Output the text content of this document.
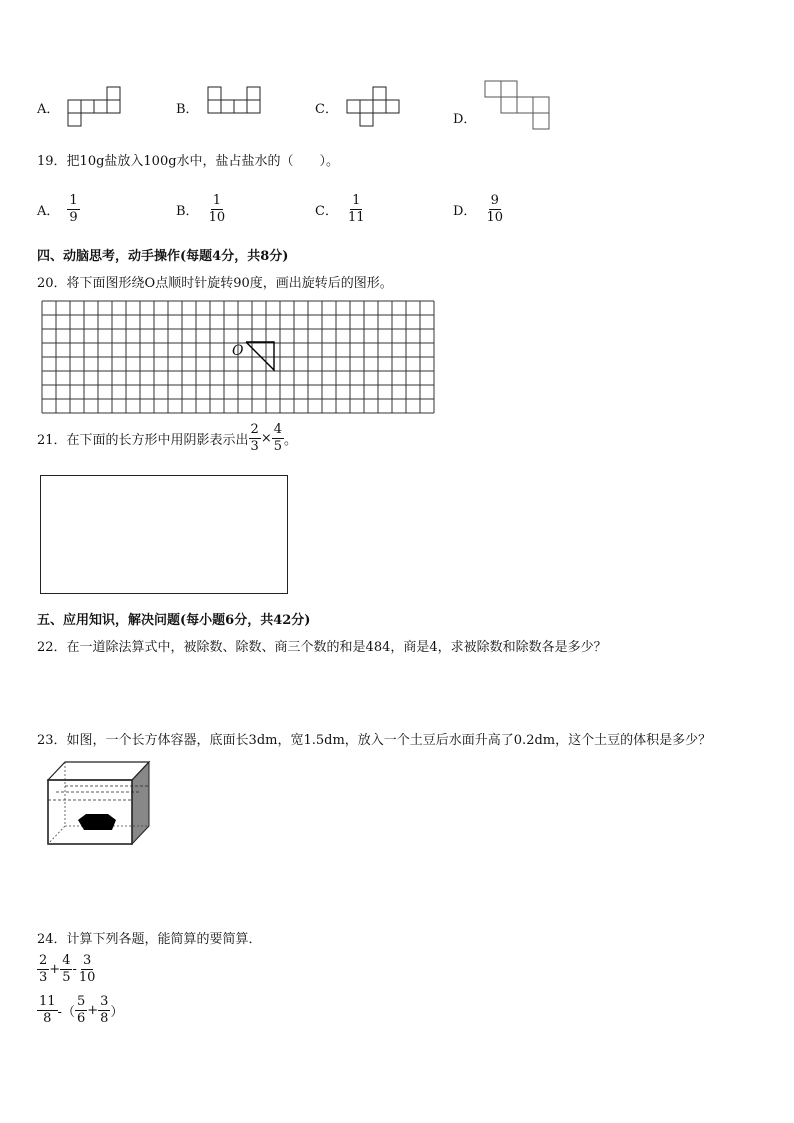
A．	B．	C．
D．
19．把10g盐放入100g水中，盐占盐水的（　　）。
A． $\frac{1}{9}$	B． $\frac{1}{10}$	C． $\frac{1}{11}$	D． $\frac{9}{10}$
四、动脑思考，动手操作(每题4分，共8分)
20．将下面图形绕O点顺时针旋转90度，画出旋转后的图形。
O
21．在下面的长方形中用阴影表示出 $\frac{2}{3} \times \frac{4}{5}$ 。
五、应用知识，解决问题(每小题6分，共42分)
22．在一道除法算式中，被除数、除数、商三个数的和是484，商是4，求被除数和除数各是多少？
23．如图，一个长方体容器，底面长3dm，宽1.5dm，放入一个土豆后水面升高了0.2dm，这个土豆的体积是多少？
24．计算下列各题，能简算的要简算．
$\frac{2}{3} + \frac{4}{5} - \frac{3}{10}$
$\frac{11}{8}$ -（ $\frac{5}{6} + \frac{3}{8}$ ）
